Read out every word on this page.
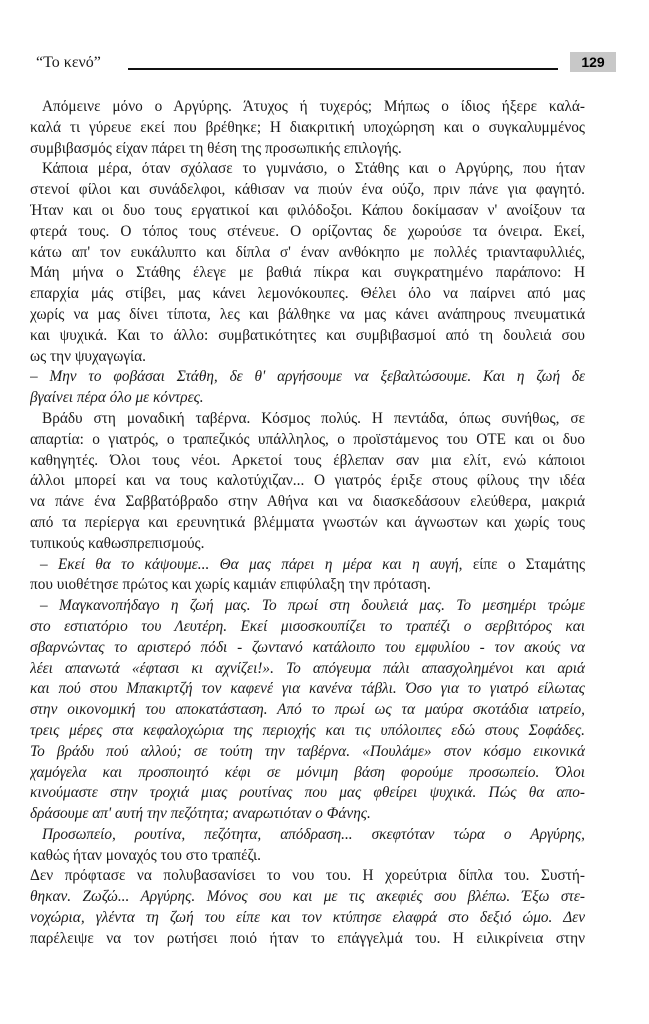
“Το κενό”	129
Απόμεινε μόνο ο Αργύρης. Άτυχος ή τυχερός; Μήπως ο ίδιος ήξερε καλά-
καλά τι γύρευε εκεί που βρέθηκε; Η διακριτική υποχώρηση και ο συγκαλυμμένος
συμβιβασμός είχαν πάρει τη θέση της προσωπικής επιλογής.
Κάποια μέρα, όταν σχόλασε το γυμνάσιο, ο Στάθης και ο Αργύρης, που ήταν
στενοί φίλοι και συνάδελφοι, κάθισαν να πιούν ένα ούζο, πριν πάνε για φαγητό.
Ήταν και οι δυο τους εργατικοί και φιλόδοξοι. Κάπου δοκίμασαν ν' ανοίξουν τα
φτερά τους. Ο τόπος τους στένευε. Ο ορίζοντας δε χωρούσε τα όνειρα. Εκεί,
κάτω απ' τον ευκάλυπτο και δίπλα σ' έναν ανθόκηπο με πολλές τριανταφυλλιές,
Μάη μήνα ο Στάθης έλεγε με βαθιά πίκρα και συγκρατημένο παράπονο: Η
επαρχία μάς στίβει, μας κάνει λεμονόκουπες. Θέλει όλο να παίρνει από μας
χωρίς να μας δίνει τίποτα, λες και βάλθηκε να μας κάνει ανάπηρους πνευματικά
και ψυχικά. Και το άλλο: συμβατικότητες και συμβιβασμοί από τη δουλειά σου
ως την ψυχαγωγία.
– Μην το φοβάσαι Στάθη, δε θ' αργήσουμε να ξεβαλτώσουμε. Και η ζωή δε
βγαίνει πέρα όλο με κόντρες.
Βράδυ στη μοναδική ταβέρνα. Κόσμος πολύς. Η πεντάδα, όπως συνήθως, σε
απαρτία: ο γιατρός, ο τραπεζικός υπάλληλος, ο προϊστάμενος του ΟΤΕ και οι δυο
καθηγητές. Όλοι τους νέοι. Αρκετοί τους έβλεπαν σαν μια ελίτ, ενώ κάποιοι
άλλοι μπορεί και να τους καλοτύχιζαν... Ο γιατρός έριξε στους φίλους την ιδέα
να πάνε ένα Σαββατόβραδο στην Αθήνα και να διασκεδάσουν ελεύθερα, μακριά
από τα περίεργα και ερευνητικά βλέμματα γνωστών και άγνωστων και χωρίς τους
τυπικούς καθωσπρεπισμούς.
– Εκεί θα το κάψουμε... Θα μας πάρει η μέρα και η αυγή, είπε ο Σταμάτης
που υιοθέτησε πρώτος και χωρίς καμιάν επιφύλαξη την πρόταση.
– Μαγκανοπήδαγο η ζωή μας. Το πρωί στη δουλειά μας. Το μεσημέρι τρώμε
στο εστιατόριο του Λευτέρη. Εκεί μισοσκουπίζει το τραπέζι ο σερβιτόρος και
σβαρνώντας το αριστερό πόδι - ζωντανό κατάλοιπο του εμφυλίου - τον ακούς να
λέει απανωτά «έφτασι κι αχνίζει!». Το απόγευμα πάλι απασχολημένοι και αριά
και πού στου Μπακιρτζή τον καφενέ για κανένα τάβλι. Όσο για το γιατρό είλωτας
στην οικονομική του αποκατάσταση. Από το πρωί ως τα μαύρα σκοτάδια ιατρείο,
τρεις μέρες στα κεφαλοχώρια της περιοχής και τις υπόλοιπες εδώ στους Σοφάδες.
Το βράδυ πού αλλού; σε τούτη την ταβέρνα. «Πουλάμε» στον κόσμο εικονικά
χαμόγελα και προσποιητό κέφι σε μόνιμη βάση φορούμε προσωπείο. Όλοι
κινούμαστε στην τροχιά μιας ρουτίνας που μας φθείρει ψυχικά. Πώς θα απο-
δράσουμε απ' αυτή την πεζότητα; αναρωτιόταν ο Φάνης.
Προσωπείο, ρουτίνα, πεζότητα, απόδραση... σκεφτόταν τώρα ο Αργύρης,
καθώς ήταν μοναχός του στο τραπέζι.
Δεν πρόφτασε να πολυβασανίσει το νου του. Η χορεύτρια δίπλα του. Συστή-
θηκαν. Ζωζώ... Αργύρης. Μόνος σου και με τις ακεφιές σου βλέπω. Έξω στε-
νοχώρια, γλέντα τη ζωή του είπε και τον κτύπησε ελαφρά στο δεξιό ώμο. Δεν
παρέλειψε να τον ρωτήσει ποιό ήταν το επάγγελμά του. Η ειλικρίνεια στην
